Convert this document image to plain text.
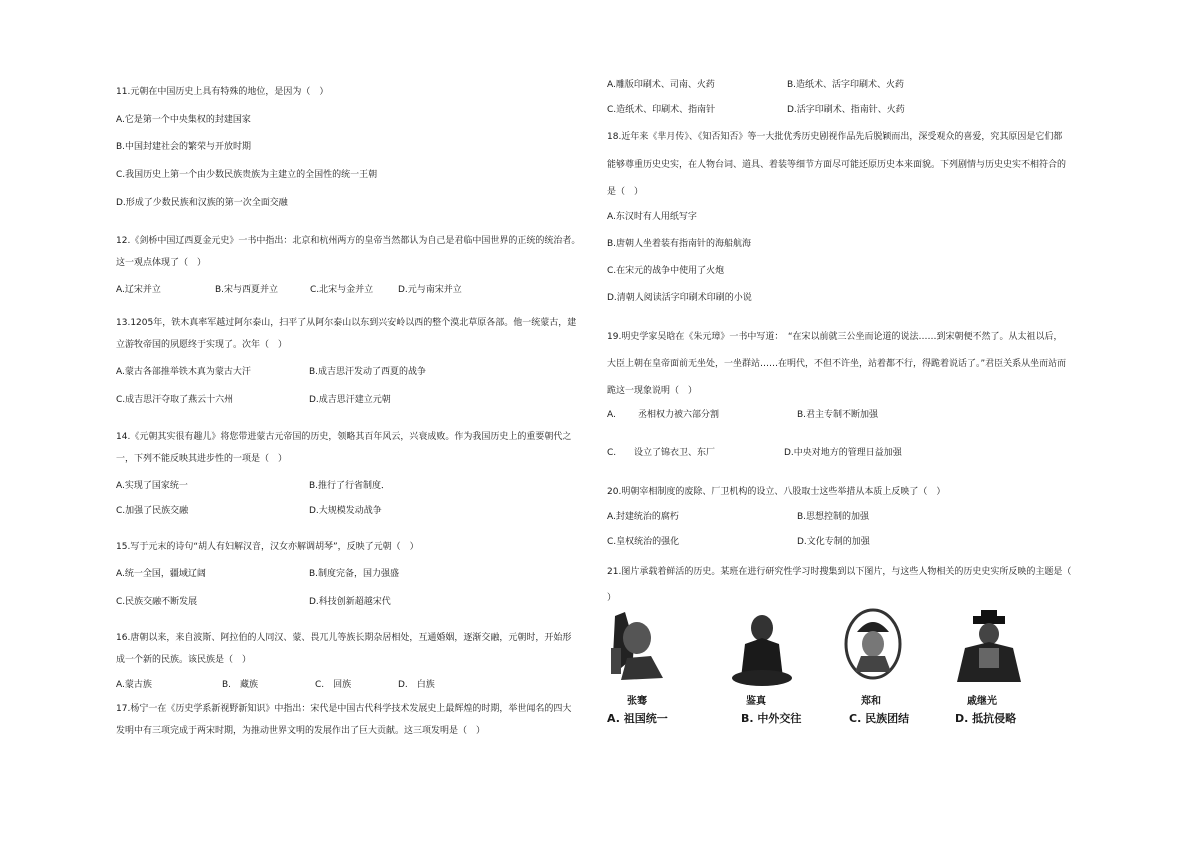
11.元朝在中国历史上具有特殊的地位，是因为（　）
A.它是第一个中央集权的封建国家
B.中国封建社会的繁荣与开放时期
C.我国历史上第一个由少数民族贵族为主建立的全国性的统一王朝
D.形成了少数民族和汉族的第一次全面交融
12.《剑桥中国辽西夏金元史》一书中指出：北京和杭州两方的皇帝当然都认为自己是君临中国世界的正统的统治者。
这一观点体现了（　）
A.辽宋并立	B.宋与西夏并立	C.北宋与金并立	D.元与南宋并立
13.1205年，铁木真率军越过阿尔泰山，扫平了从阿尔泰山以东到兴安岭以西的整个漠北草原各部。他一统蒙古，建
立游牧帝国的夙愿终于实现了。次年（　）
A.蒙古各部推举铁木真为蒙古大汗	B.成吉思汗发动了西夏的战争
C.成吉思汗夺取了燕云十六州	D.成吉思汗建立元朝
14.《元朝其实很有趣儿》将您带进蒙古元帝国的历史，领略其百年风云，兴衰成败。作为我国历史上的重要朝代之
一，下列不能反映其进步性的一项是（　）
A.实现了国家统一	B.推行了行省制度．
C.加强了民族交融	D.大规模发动战争
15.写于元末的诗句“胡人有妇解汉音，汉女亦解调胡琴”，反映了元朝（　）
A.统一全国，疆域辽阔	B.制度完备，国力强盛
C.民族交融不断发展	D.科技创新超越宋代
16.唐朝以来，来自波斯、阿拉伯的人同汉、蒙、畏兀儿等族长期杂居相处，互通婚姻，逐渐交融，元朝时，开始形
成一个新的民族。该民族是（　）
A.蒙古族	B.　藏族	C.　回族	D.　白族
17.杨宁一在《历史学系新视野新知识》中指出：宋代是中国古代科学技术发展史上最辉煌的时期，举世闻名的四大
发明中有三项完成于两宋时期，为推动世界文明的发展作出了巨大贡献。这三项发明是（　）
A.雕版印刷术、司南、火药	B.造纸术、活字印刷术、火药
C.造纸术、印刷术、指南针	D.活字印刷术、指南针、火药
18.近年来《芈月传》、《知否知否》等一大批优秀历史剧视作品先后脱颖而出，深受观众的喜爱，究其原因是它们都
能够尊重历史史实，在人物台词、道具、着装等细节方面尽可能还原历史本来面貌。下列剧情与历史史实不相符合的
是（　）
A.东汉时有人用纸写字
B.唐朝人坐着装有指南针的海船航海
C.在宋元的战争中使用了火炮
D.清朝人阅读活字印刷术印刷的小说
19.明史学家吴晗在《朱元璋》一书中写道：　“在宋以前就三公坐而论道的说法……到宋朝便不然了。从太祖以后，
大臣上朝在皇帝面前无坐处，一坐群站……在明代，不但不许坐，站着都不行，得跪着说话了。”君臣关系从坐而站而
跪这一现象说明（　）
A. 丞相权力被六部分割	B.君主专制不断加强
C. 设立了锦衣卫、东厂	D.中央对地方的管理日益加强
20.明朝宰相制度的废除、厂卫机构的设立、八股取士这些举措从本质上反映了（　）
A.封建统治的腐朽	B.思想控制的加强
C.皇权统治的强化	D.文化专制的加强
21.图片承载着鲜活的历史。某班在进行研究性学习时搜集到以下图片，与这些人物相关的历史史实所反映的主题是（
）
张骞	鉴真	郑和	戚继光
A. 祖国统一	B. 中外交往	C. 民族团结	D. 抵抗侵略
